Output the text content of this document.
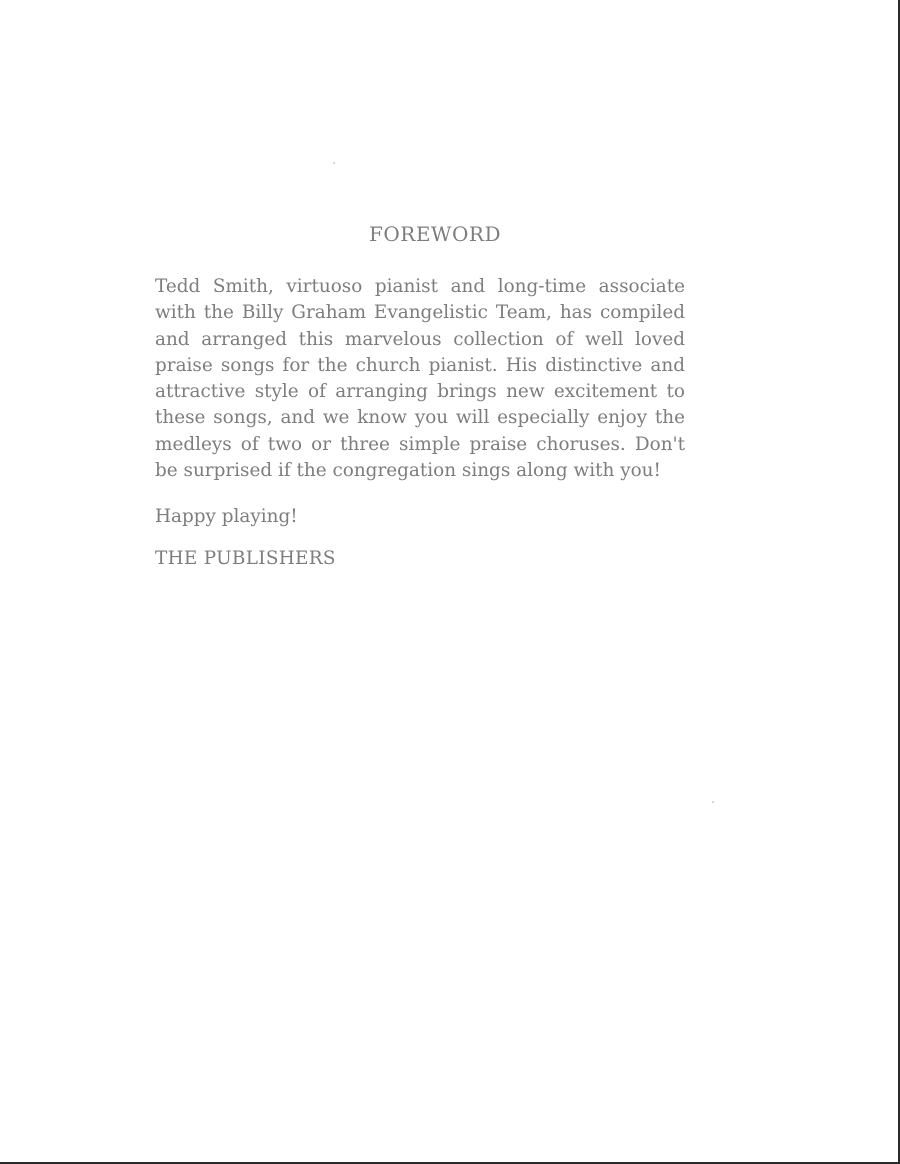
FOREWORD

Tedd Smith, virtuoso pianist and long-time associate with the Billy Graham Evangelistic Team, has compiled and arranged this marvelous collection of well loved praise songs for the church pianist. His distinctive and attractive style of arranging brings new excitement to these songs, and we know you will especially enjoy the medleys of two or three simple praise choruses. Don't be surprised if the congregation sings along with you!

Happy playing!

THE PUBLISHERS
